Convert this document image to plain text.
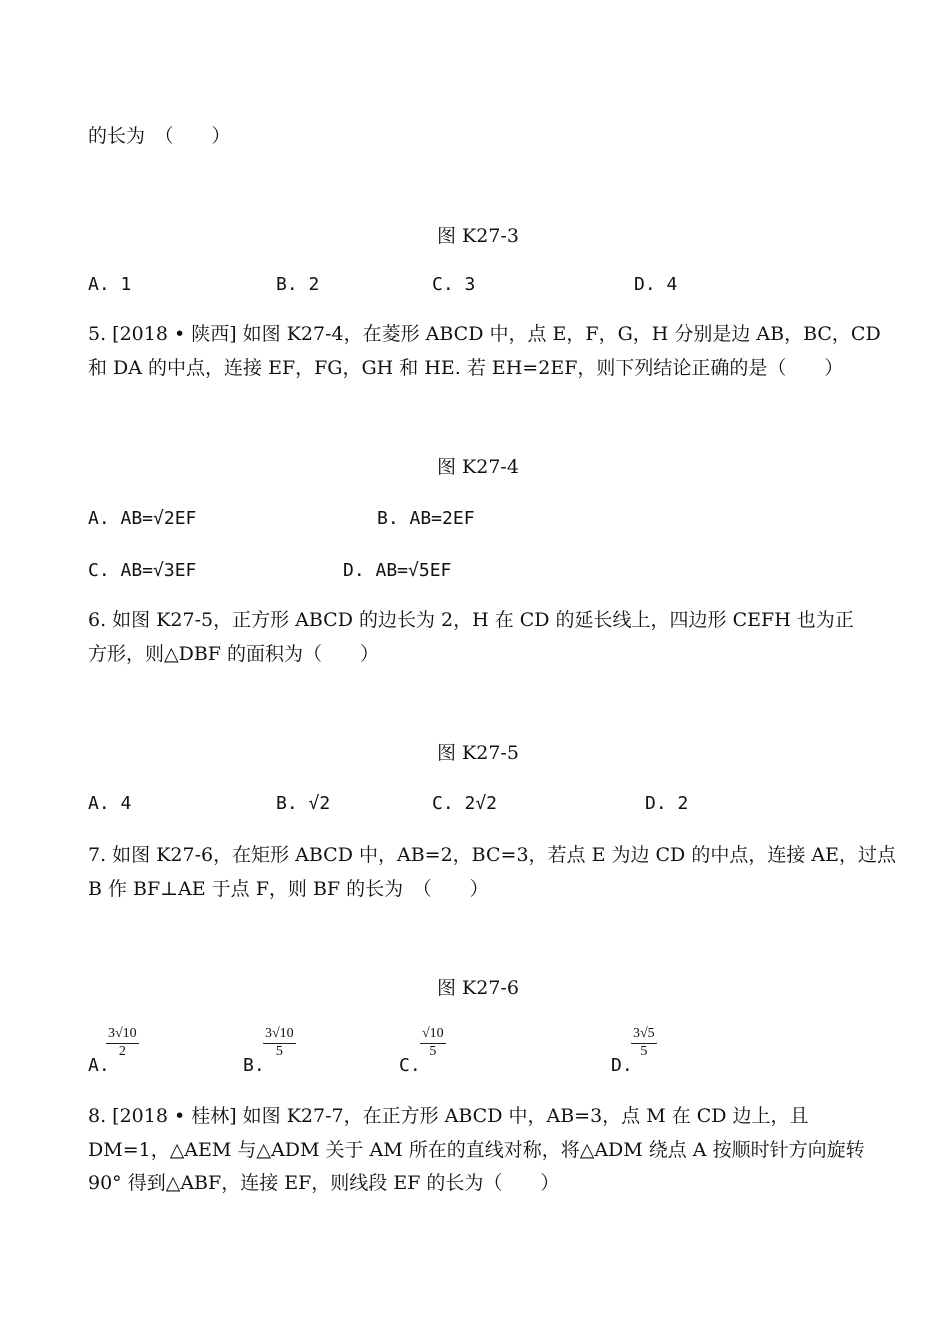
的长为　（　　）
图 K27-3
A. 1	B. 2	C. 3	D. 4
5. [2018 • 陕西] 如图 K27-4，在菱形 ABCD 中，点 E，F，G，H 分别是边 AB，BC，CD
和 DA 的中点，连接 EF，FG，GH 和 HE. 若 EH=2EF，则下列结论正确的是（　　）
图 K27-4
A. AB=√2EF	B. AB=2EF
C. AB=√3EF	D. AB=√5EF
6. 如图 K27-5，正方形 ABCD 的边长为 2，H 在 CD 的延长线上，四边形 CEFH 也为正
方形，则△DBF 的面积为（　　）
图 K27-5
A. 4	B. √2	C. 2√2	D. 2
7. 如图 K27-6，在矩形 ABCD 中，AB=2，BC=3，若点 E 为边 CD 的中点，连接 AE，过点
B 作 BF⊥AE 于点 F，则 BF 的长为　（　　）
图 K27-6
A.
$\frac{3√10}{2}$
B.
$\frac{3√10}{5}$
C.
$\frac{√10}{5}$
D.
$\frac{3√5}{5}$
8. [2018 • 桂林] 如图 K27-7，在正方形 ABCD 中，AB=3，点 M 在 CD 边上，且
DM=1，△AEM 与△ADM 关于 AM 所在的直线对称，将△ADM 绕点 A 按顺时针方向旋转
90° 得到△ABF，连接 EF，则线段 EF 的长为（　　）
